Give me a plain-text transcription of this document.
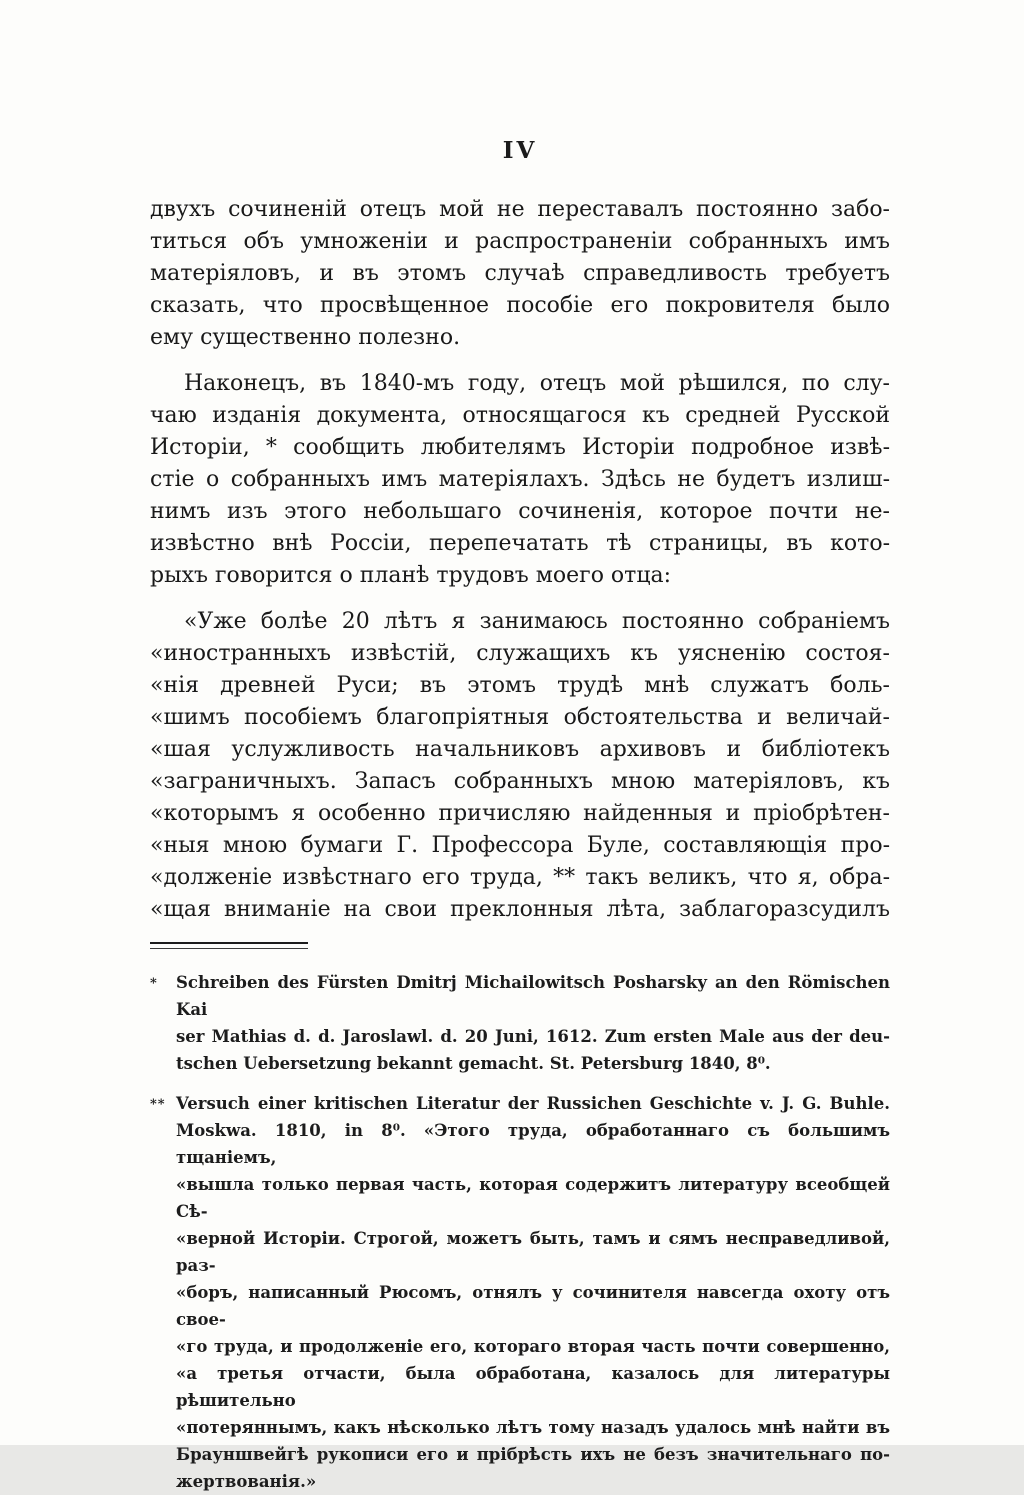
IV
двухъ сочиненій отецъ мой не переставалъ постоянно забо-
титься объ умноженіи и распространеніи собранныхъ имъ
матеріяловъ, и въ этомъ случаѣ справедливость требуетъ
сказать, что просвѣщенное пособіе его покровителя было
ему существенно полезно.
Наконецъ, въ 1840-мъ году, отецъ мой рѣшился, по слу-
чаю изданія документа, относящагося къ средней Русской
Исторіи, * сообщить любителямъ Исторіи подробное извѣ-
стіе о собранныхъ имъ матеріялахъ. Здѣсь не будетъ излиш-
нимъ изъ этого небольшаго сочиненія, которое почти не-
извѣстно внѣ Россіи, перепечатать тѣ страницы, въ кото-
рыхъ говорится о планѣ трудовъ моего отца:
«Уже болѣе 20 лѣтъ я занимаюсь постоянно собраніемъ
«иностранныхъ извѣстій, служащихъ къ уясненію состоя-
«нія древней Руси; въ этомъ трудѣ мнѣ служатъ боль-
«шимъ пособіемъ благопріятныя обстоятельства и величай-
«шая услужливость начальниковъ архивовъ и библіотекъ
«заграничныхъ. Запасъ собранныхъ мною матеріяловъ, къ
«которымъ я особенно причисляю найденныя и пріобрѣтен-
«ныя мною бумаги Г. Профессора Буле, составляющія про-
«долженіе извѣстнаго его труда, ** такъ великъ, что я, обра-
«щая вниманіе на свои преклонныя лѣта, заблагоразсудилъ
*	Schreiben des Fürsten Dmitrj Michailowitsch Posharsky an den Römischen Kai
ser Mathias d. d. Jaroslawl. d. 20 Juni, 1612. Zum ersten Male aus der deu-
tschen Uebersetzung bekannt gemacht. St. Petersburg 1840, 8⁰.
** Versuch einer kritischen Literatur der Russichen Geschichte v. J. G. Buhle.
Moskwa. 1810, in 8⁰. «Этого труда, обработаннаго съ большимъ тщаніемъ,
«вышла только первая часть, которая содержитъ литературу всеобщей Сѣ-
«верной Исторіи. Строгой, можетъ быть, тамъ и сямъ несправедливой, раз-
«боръ, написанный Рюсомъ, отнялъ у сочинителя навсегда охоту отъ свое-
«го труда, и продолженіе его, котораго вторая часть почти совершенно,
«а третья отчасти, была обработана, казалось для литературы рѣшительно
«потеряннымъ, какъ нѣсколько лѣтъ тому назадъ удалось мнѣ найти въ
Брауншвейгѣ рукописи его и прібрѣсть ихъ не безъ значительнаго по-
жертвованія.»
